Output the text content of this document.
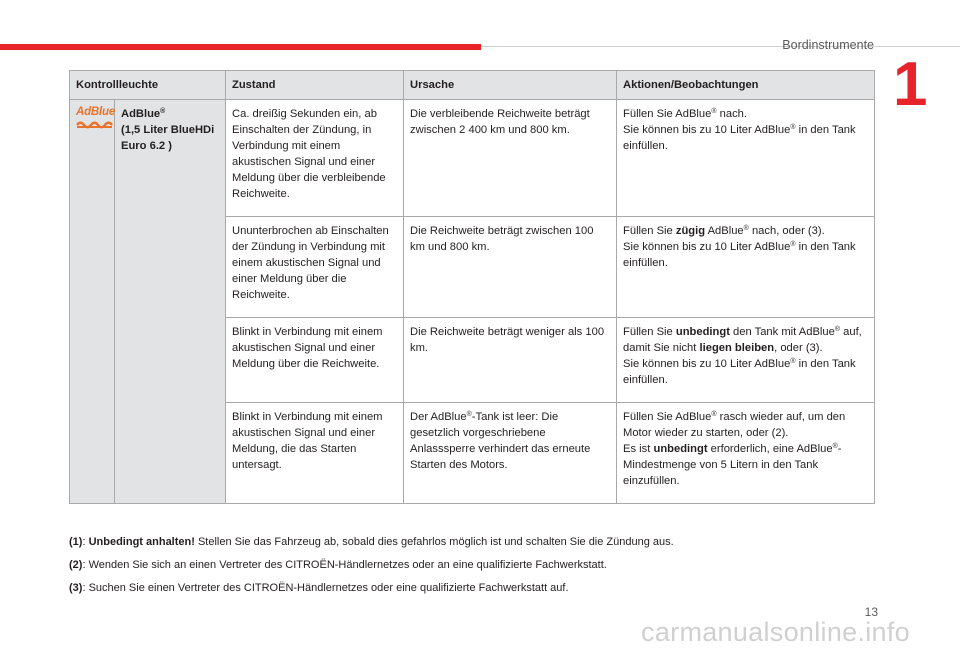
Bordinstrumente
1
Kontrollleuchte		Zustand	Ursache	Aktionen/Beobachtungen

AdBlue	AdBlue®
(1,5 Liter BlueHDi Euro 6.2 )	Ca. dreißig Sekunden ein, ab Einschalten der Zündung, in Verbindung mit einem akustischen Signal und einer Meldung über die verbleibende Reichweite.	Die verbleibende Reichweite beträgt zwischen 2 400 km und 800 km.	Füllen Sie AdBlue® nach.
Sie können bis zu 10 Liter AdBlue® in den Tank einfüllen.
		Ununterbrochen ab Einschalten der Zündung in Verbindung mit einem akustischen Signal und einer Meldung über die Reichweite.	Die Reichweite beträgt zwischen 100 km und 800 km.	Füllen Sie zügig AdBlue® nach, oder (3).
Sie können bis zu 10 Liter AdBlue® in den Tank einfüllen.
		Blinkt in Verbindung mit einem akustischen Signal und einer Meldung über die Reichweite.	Die Reichweite beträgt weniger als 100 km.	Füllen Sie unbedingt den Tank mit AdBlue® auf, damit Sie nicht liegen bleiben, oder (3).
Sie können bis zu 10 Liter AdBlue® in den Tank einfüllen.
		Blinkt in Verbindung mit einem akustischen Signal und einer Meldung, die das Starten untersagt.	Der AdBlue®-Tank ist leer: Die gesetzlich vorgeschriebene Anlasssperre verhindert das erneute Starten des Motors.	Füllen Sie AdBlue® rasch wieder auf, um den Motor wieder zu starten, oder (2).
Es ist unbedingt erforderlich, eine AdBlue®-Mindestmenge von 5 Litern in den Tank einzufüllen.
(1): Unbedingt anhalten! Stellen Sie das Fahrzeug ab, sobald dies gefahrlos möglich ist und schalten Sie die Zündung aus.
(2): Wenden Sie sich an einen Vertreter des CITROËN-Händlernetzes oder an eine qualifizierte Fachwerkstatt.
(3): Suchen Sie einen Vertreter des CITROËN-Händlernetzes oder eine qualifizierte Fachwerkstatt auf.
13
carmanualsonline.info
